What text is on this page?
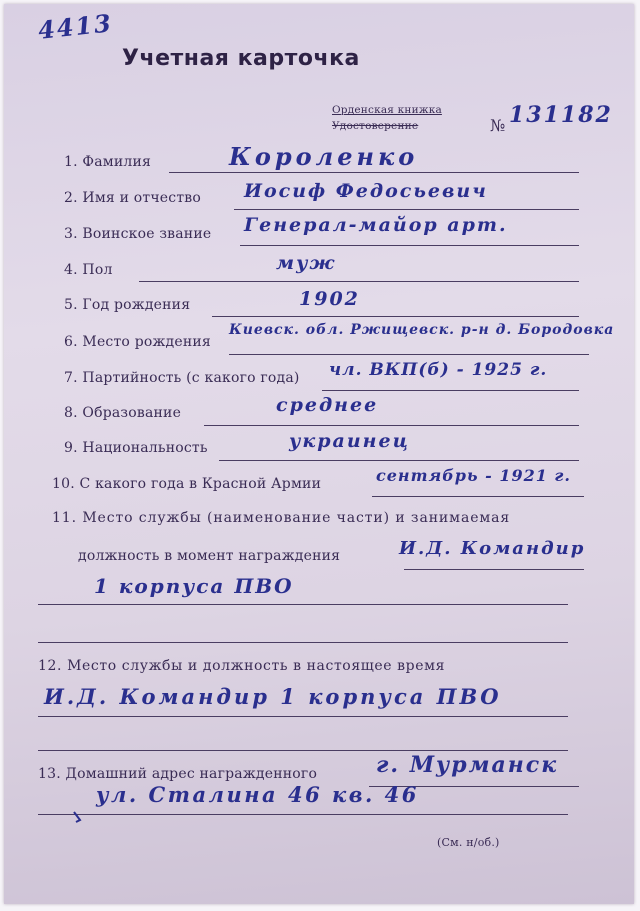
4413
Учетная карточка
Орденская книжка
Удостоверение	№ 131182
1. Фамилия	Короленко
2. Имя и отчество Иосиф Федосьевич
3. Воинское звание Генерал-майор арт.
4. Пол	муж
5. Год рождения	1902
6. Место рождения
Киевск. обл. Ржищевск. р-н д. Бородовка
7. Партийность (с какого года) чл. ВКП(б) - 1925 г.
8. Образование	среднее
9. Национальность	украинец
10. С какого года в Красной Армии	сентябрь - 1921 г.
11. Место службы (наименование части) и занимаемая
должность в момент награждения	И.Д. Командир
1 корпуса ПВО
12. Место службы и должность в настоящее время
И.Д. Командир 1 корпуса ПВО
13. Домашний адрес награжденного	г. Мурманск
ул. Сталина 46 кв. 46
(См. н/об.)
